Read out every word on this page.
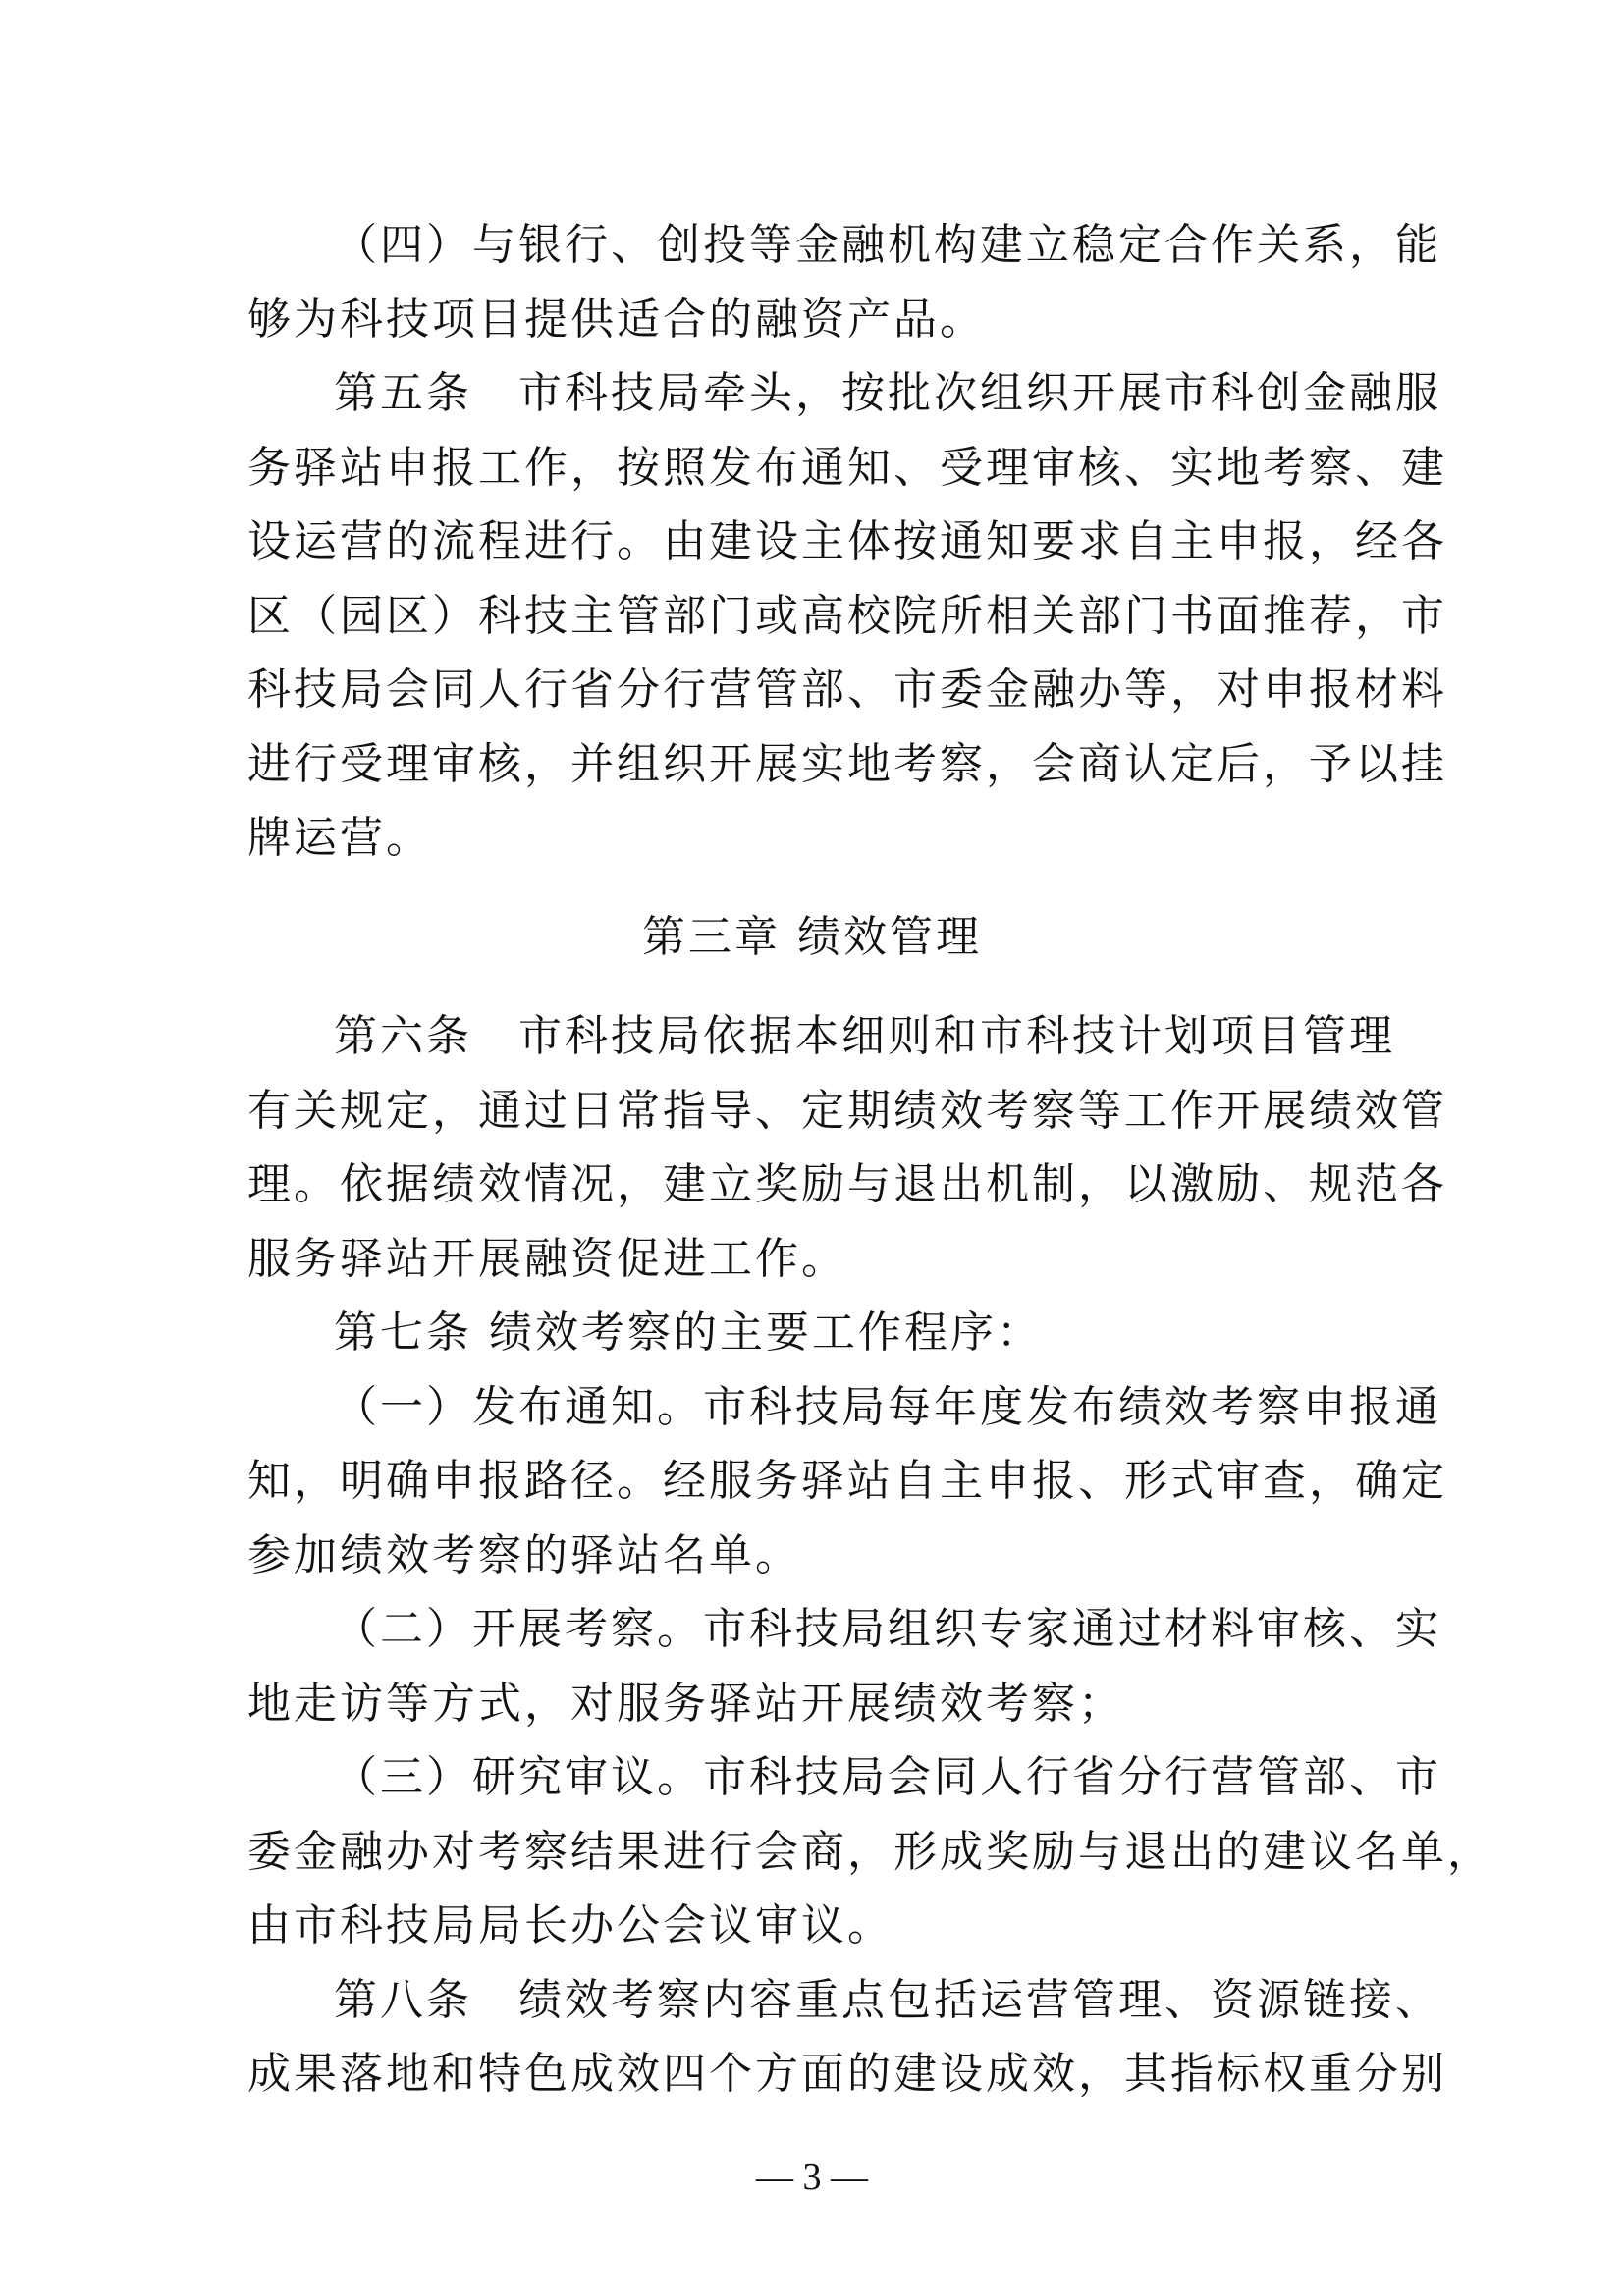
（四）与银行、创投等金融机构建立稳定合作关系，能
够为科技项目提供适合的融资产品。
第五条　市科技局牵头，按批次组织开展市科创金融服
务驿站申报工作，按照发布通知、受理审核、实地考察、建
设运营的流程进行。由建设主体按通知要求自主申报，经各
区（园区）科技主管部门或高校院所相关部门书面推荐，市
科技局会同人行省分行营管部、市委金融办等，对申报材料
进行受理审核，并组织开展实地考察，会商认定后，予以挂
牌运营。
第三章 绩效管理
第六条　市科技局依据本细则和市科技计划项目管理
有关规定，通过日常指导、定期绩效考察等工作开展绩效管
理。依据绩效情况，建立奖励与退出机制，以激励、规范各
服务驿站开展融资促进工作。
第七条 绩效考察的主要工作程序：
（一）发布通知。市科技局每年度发布绩效考察申报通
知，明确申报路径。经服务驿站自主申报、形式审查，确定
参加绩效考察的驿站名单。
（二）开展考察。市科技局组织专家通过材料审核、实
地走访等方式，对服务驿站开展绩效考察；
（三）研究审议。市科技局会同人行省分行营管部、市
委金融办对考察结果进行会商，形成奖励与退出的建议名单，
由市科技局局长办公会议审议。
第八条　绩效考察内容重点包括运营管理、资源链接、
成果落地和特色成效四个方面的建设成效，其指标权重分别
— 3 —
